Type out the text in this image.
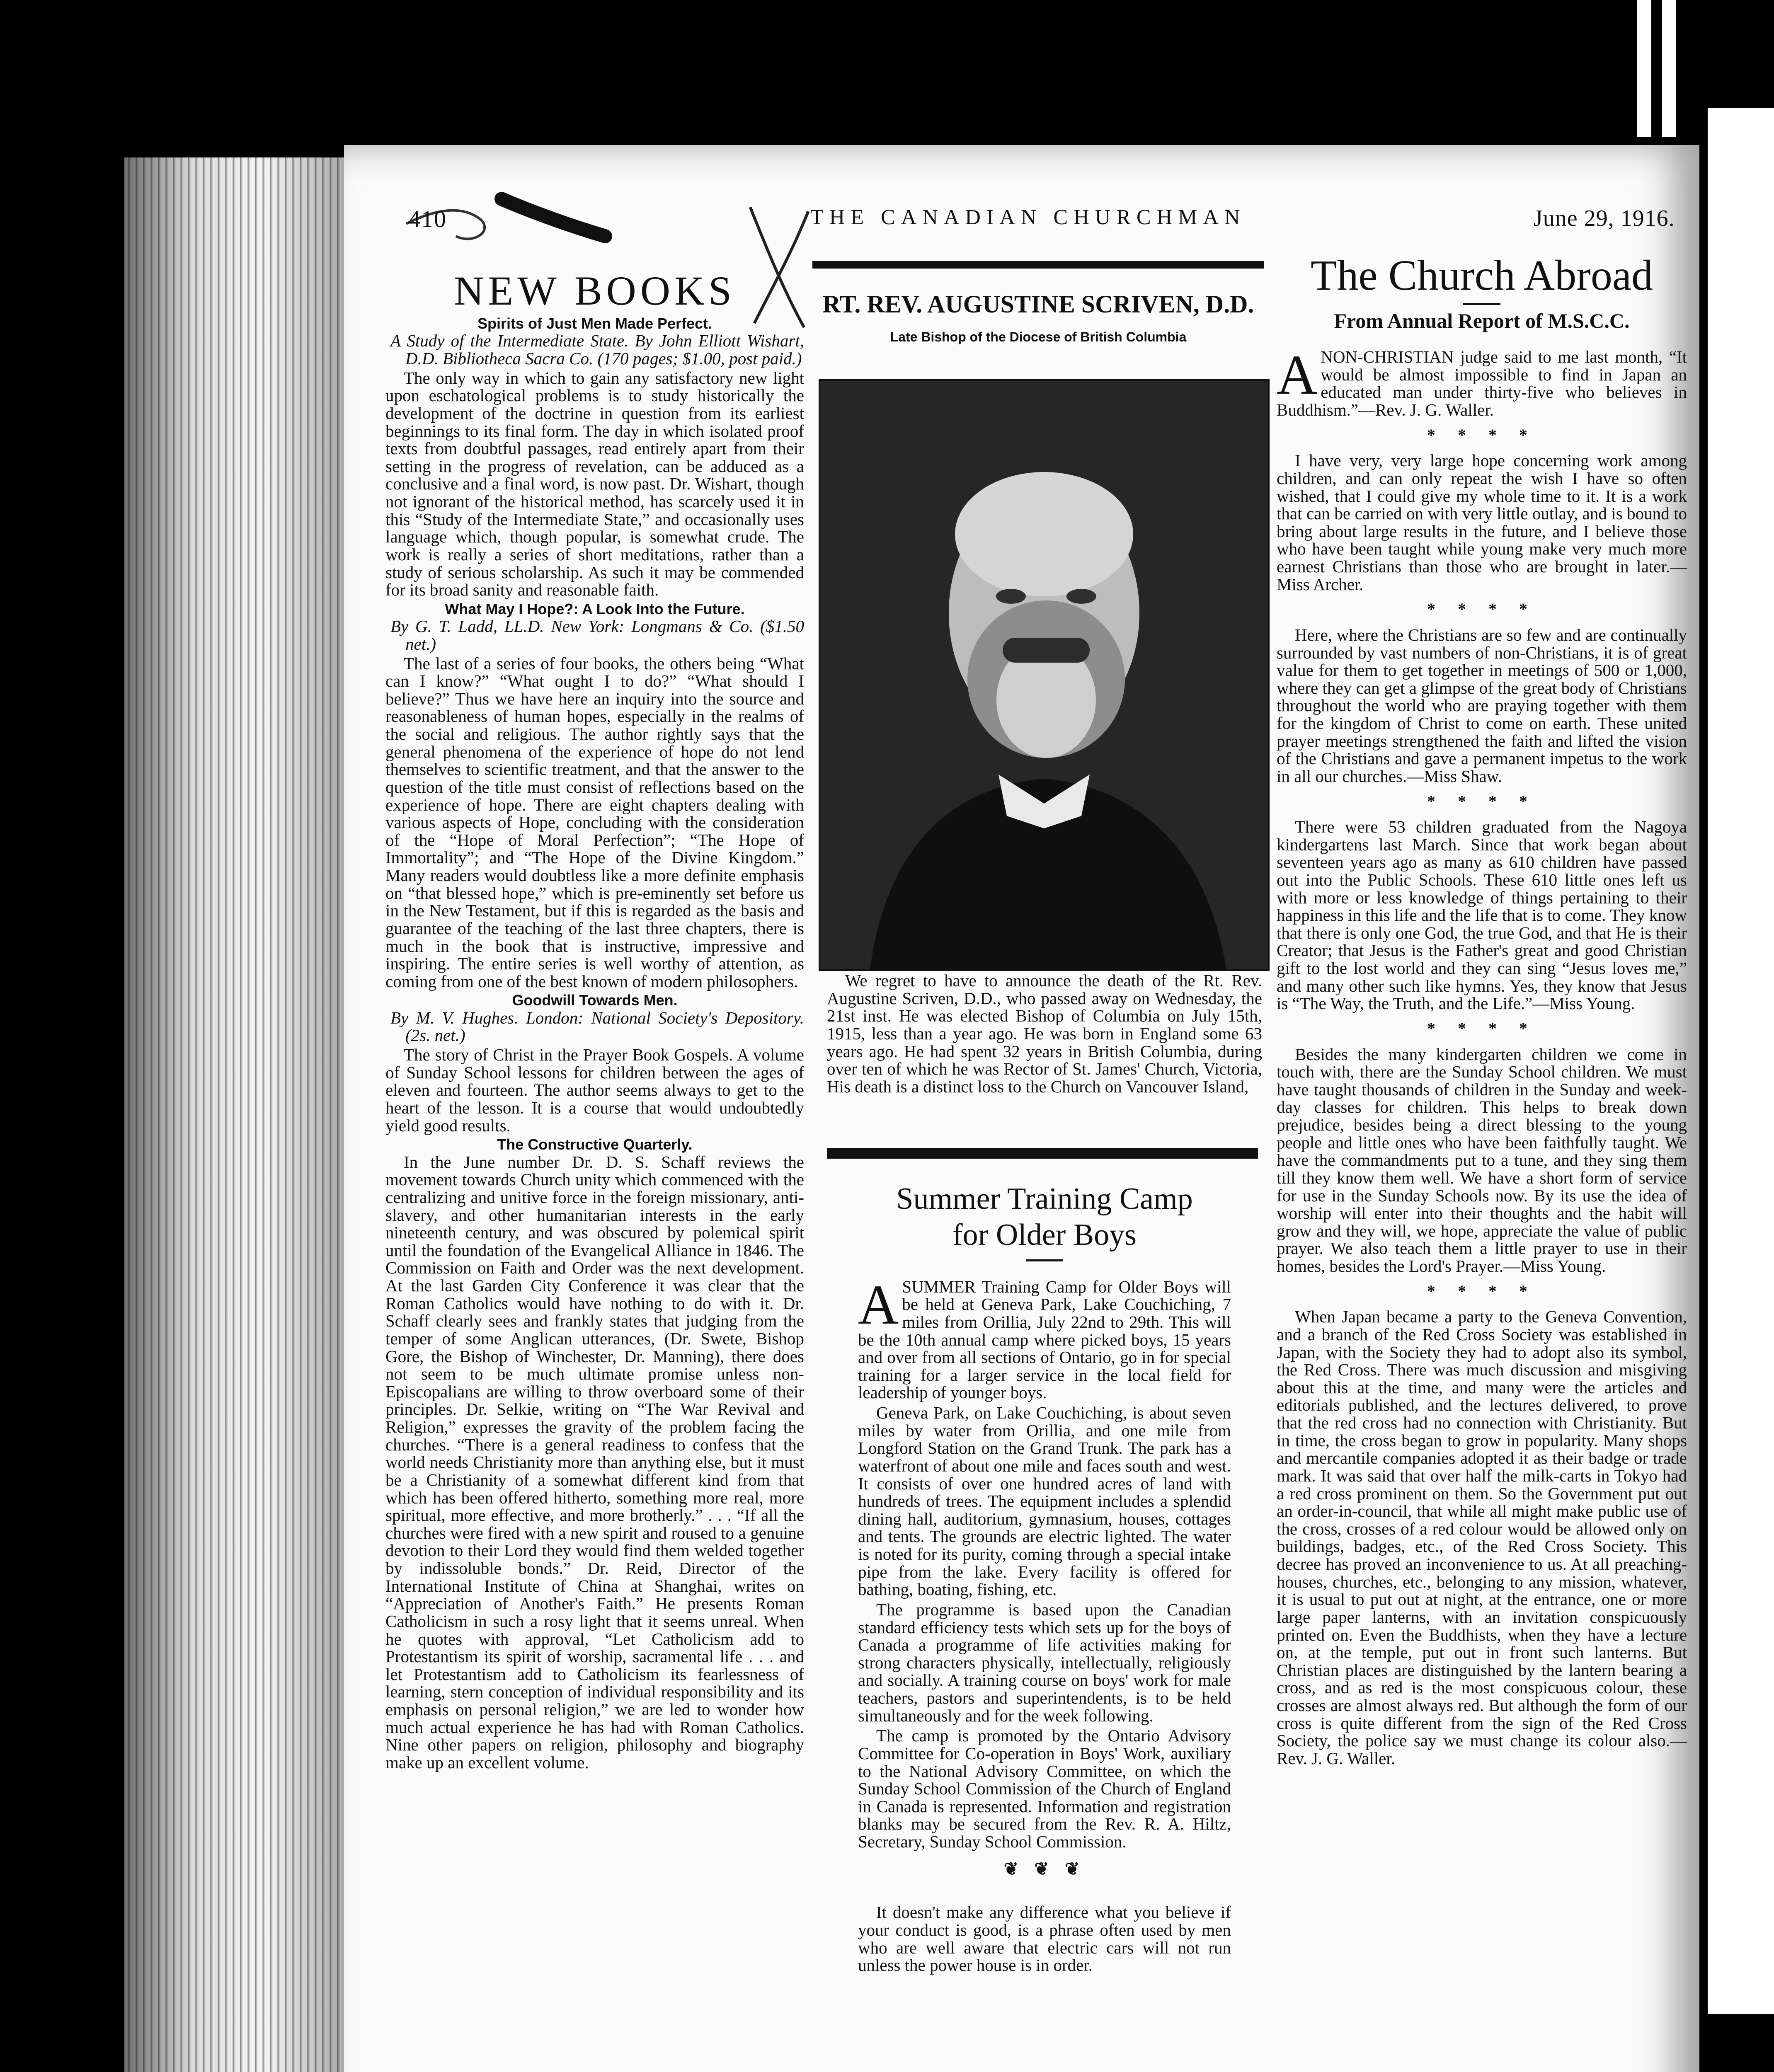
410	THE CANADIAN CHURCHMAN	June 29, 1916.
NEW BOOKS
Spirits of Just Men Made Perfect.
A Study of the Intermediate State. By John Elliott Wishart, D.D. Bibliotheca Sacra Co. (170 pages; $1.00, post paid.)

The only way in which to gain any satisfactory new light upon eschatological problems is to study historically the development of the doctrine in question from its earliest beginnings to its final form. The day in which isolated proof texts from doubtful passages, read entirely apart from their setting in the progress of revelation, can be adduced as a conclusive and a final word, is now past. Dr. Wishart, though not ignorant of the historical method, has scarcely used it in this “Study of the Intermediate State,” and occasionally uses language which, though popular, is somewhat crude. The work is really a series of short meditations, rather than a study of serious scholarship. As such it may be commended for its broad sanity and reasonable faith.

What May I Hope?: A Look Into the Future.
By G. T. Ladd, LL.D. New York: Longmans & Co. ($1.50 net.)

The last of a series of four books, the others being “What can I know?” “What ought I to do?” “What should I believe?” Thus we have here an inquiry into the source and reasonableness of human hopes, especially in the realms of the social and religious. The author rightly says that the general phenomena of the experience of hope do not lend themselves to scientific treatment, and that the answer to the question of the title must consist of reflections based on the experience of hope. There are eight chapters dealing with various aspects of Hope, concluding with the consideration of the “Hope of Moral Perfection”; “The Hope of Immortality”; and “The Hope of the Divine Kingdom.” Many readers would doubtless like a more definite emphasis on “that blessed hope,” which is pre-eminently set before us in the New Testament, but if this is regarded as the basis and guarantee of the teaching of the last three chapters, there is much in the book that is instructive, impressive and inspiring. The entire series is well worthy of attention, as coming from one of the best known of modern philosophers.

Goodwill Towards Men.
By M. V. Hughes. London: National Society's Depository. (2s. net.)

The story of Christ in the Prayer Book Gospels. A volume of Sunday School lessons for children between the ages of eleven and fourteen. The author seems always to get to the heart of the lesson. It is a course that would undoubtedly yield good results.

The Constructive Quarterly.

In the June number Dr. D. S. Schaff reviews the movement towards Church unity which commenced with the centralizing and unitive force in the foreign missionary, anti-slavery, and other humanitarian interests in the early nineteenth century, and was obscured by polemical spirit until the foundation of the Evangelical Alliance in 1846. The Commission on Faith and Order was the next development. At the last Garden City Conference it was clear that the Roman Catholics would have nothing to do with it. Dr. Schaff clearly sees and frankly states that judging from the temper of some Anglican utterances, (Dr. Swete, Bishop Gore, the Bishop of Winchester, Dr. Manning), there does not seem to be much ultimate promise unless non-Episcopalians are willing to throw overboard some of their principles. Dr. Selkie, writing on “The War Revival and Religion,” expresses the gravity of the problem facing the churches. “There is a general readiness to confess that the world needs Christianity more than anything else, but it must be a Christianity of a somewhat different kind from that which has been offered hitherto, something more real, more spiritual, more effective, and more brotherly.” . . . “If all the churches were fired with a new spirit and roused to a genuine devotion to their Lord they would find them welded together by indissoluble bonds.” Dr. Reid, Director of the International Institute of China at Shanghai, writes on “Appreciation of Another's Faith.” He presents Roman Catholicism in such a rosy light that it seems unreal. When he quotes with approval, “Let Catholicism add to Protestantism its spirit of worship, sacramental life . . . and let Protestantism add to Catholicism its fearlessness of learning, stern conception of individual responsibility and its emphasis on personal religion,” we are led to wonder how much actual experience he has had with Roman Catholics. Nine other papers on religion, philosophy and biography make up an excellent volume.

RT. REV. AUGUSTINE SCRIVEN, D.D.
Late Bishop of the Diocese of British Columbia

We regret to have to announce the death of the Rt. Rev. Augustine Scriven, D.D., who passed away on Wednesday, the 21st inst. He was elected Bishop of Columbia on July 15th, 1915, less than a year ago. He was born in England some 63 years ago. He had spent 32 years in British Columbia, during over ten of which he was Rector of St. James' Church, Victoria, His death is a distinct loss to the Church on Vancouver Island,

Summer Training Camp
for Older Boys

ASUMMER Training Camp for Older Boys will be held at Geneva Park, Lake Couchiching, 7 miles from Orillia, July 22nd to 29th. This will be the 10th annual camp where picked boys, 15 years and over from all sections of Ontario, go in for special training for a larger service in the local field for leadership of younger boys.

Geneva Park, on Lake Couchiching, is about seven miles by water from Orillia, and one mile from Longford Station on the Grand Trunk. The park has a waterfront of about one mile and faces south and west. It consists of over one hundred acres of land with hundreds of trees. The equipment includes a splendid dining hall, auditorium, gymnasium, houses, cottages and tents. The grounds are electric lighted. The water is noted for its purity, coming through a special intake pipe from the lake. Every facility is offered for bathing, boating, fishing, etc.

The programme is based upon the Canadian standard efficiency tests which sets up for the boys of Canada a programme of life activities making for strong characters physically, intellectually, religiously and socially. A training course on boys' work for male teachers, pastors and superintendents, is to be held simultaneously and for the week following.

The camp is promoted by the Ontario Advisory Committee for Co-operation in Boys' Work, auxiliary to the National Advisory Committee, on which the Sunday School Commission of the Church of England in Canada is represented. Information and registration blanks may be secured from the Rev. R. A. Hiltz, Secretary, Sunday School Commission.

❦ ❦ ❦

It doesn't make any difference what you believe if your conduct is good, is a phrase often used by men who are well aware that electric cars will not run unless the power house is in order.

The Church Abroad
From Annual Report of M.S.C.C.

ANON-CHRISTIAN judge said to me last month, “It would be almost impossible to find in Japan an educated man under thirty-five who believes in Buddhism.”—Rev. J. G. Waller.

* * * *

I have very, very large hope concerning work among children, and can only repeat the wish I have so often wished, that I could give my whole time to it. It is a work that can be carried on with very little outlay, and is bound to bring about large results in the future, and I believe those who have been taught while young make very much more earnest Christians than those who are brought in later.—Miss Archer.

* * * *

Here, where the Christians are so few and are continually surrounded by vast numbers of non-Christians, it is of great value for them to get together in meetings of 500 or 1,000, where they can get a glimpse of the great body of Christians throughout the world who are praying together with them for the kingdom of Christ to come on earth. These united prayer meetings strengthened the faith and lifted the vision of the Christians and gave a permanent impetus to the work in all our churches.—Miss Shaw.

* * * *

There were 53 children graduated from the Nagoya kindergartens last March. Since that work began about seventeen years ago as many as 610 children have passed out into the Public Schools. These 610 little ones left us with more or less knowledge of things pertaining to their happiness in this life and the life that is to come. They know that there is only one God, the true God, and that He is their Creator; that Jesus is the Father's great and good Christian gift to the lost world and they can sing “Jesus loves me,” and many other such like hymns. Yes, they know that Jesus is “The Way, the Truth, and the Life.”—Miss Young.

* * * *

Besides the many kindergarten children we come in touch with, there are the Sunday School children. We must have taught thousands of children in the Sunday and week-day classes for children. This helps to break down prejudice, besides being a direct blessing to the young people and little ones who have been faithfully taught. We have the commandments put to a tune, and they sing them till they know them well. We have a short form of service for use in the Sunday Schools now. By its use the idea of worship will enter into their thoughts and the habit will grow and they will, we hope, appreciate the value of public prayer. We also teach them a little prayer to use in their homes, besides the Lord's Prayer.—Miss Young.

* * * *

When Japan became a party to the Geneva Convention, and a branch of the Red Cross Society was established in Japan, with the Society they had to adopt also its symbol, the Red Cross. There was much discussion and misgiving about this at the time, and many were the articles and editorials published, and the lectures delivered, to prove that the red cross had no connection with Christianity. But in time, the cross began to grow in popularity. Many shops and mercantile companies adopted it as their badge or trade mark. It was said that over half the milk-carts in Tokyo had a red cross prominent on them. So the Government put out an order-in-council, that while all might make public use of the cross, crosses of a red colour would be allowed only on buildings, badges, etc., of the Red Cross Society. This decree has proved an inconvenience to us. At all preaching-houses, churches, etc., belonging to any mission, whatever, it is usual to put out at night, at the entrance, one or more large paper lanterns, with an invitation conspicuously printed on. Even the Buddhists, when they have a lecture on, at the temple, put out in front such lanterns. But Christian places are distinguished by the lantern bearing a cross, and as red is the most conspicuous colour, these crosses are almost always red. But although the form of our cross is quite different from the sign of the Red Cross Society, the police say we must change its colour also.—Rev. J. G. Waller.
